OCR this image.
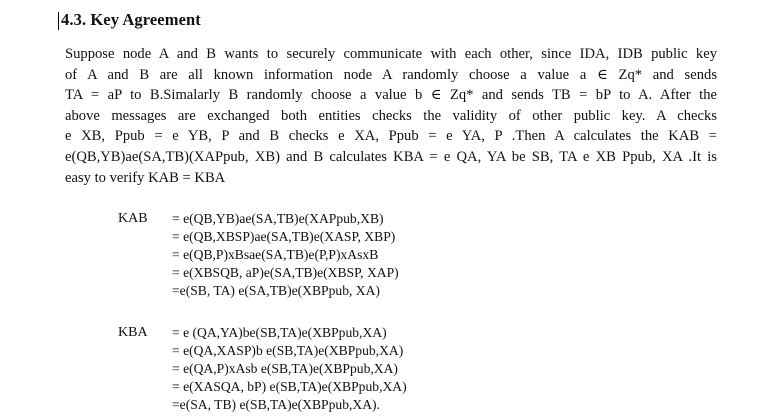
4.3. Key Agreement
Suppose node A and B wants to securely communicate with each other, since IDA, IDB public key
of A and B are all known information node A randomly choose a value a ∈ Zq* and sends
TA = aP to B.Simalarly B randomly choose a value b ∈ Zq* and sends TB = bP to A. After the
above messages are exchanged both entities checks the validity of other public key. A checks
e XB, Ppub = e YB, P and B checks e XA, Ppub = e YA, P .Then A calculates the KAB =
e(QB,YB)ae(SA,TB)(XAPpub, XB) and B calculates KBA = e QA, YA be SB, TA e XB Ppub, XA .It is
easy to verify KAB = KBA
KAB = e(QB,YB)ae(SA,TB)e(XAPpub,XB)
= e(QB,XBSP)ae(SA,TB)e(XASP, XBP)
= e(QB,P)xBsae(SA,TB)e(P,P)xAsxB
= e(XBSQB, aP)e(SA,TB)e(XBSP, XAP)
=e(SB, TA) e(SA,TB)e(XBPpub, XA)
KBA = e (QA,YA)be(SB,TA)e(XBPpub,XA)
= e(QA,XASP)b e(SB,TA)e(XBPpub,XA)
= e(QA,P)xAsb e(SB,TA)e(XBPpub,XA)
= e(XASQA, bP) e(SB,TA)e(XBPpub,XA)
=e(SA, TB) e(SB,TA)e(XBPpub,XA).
